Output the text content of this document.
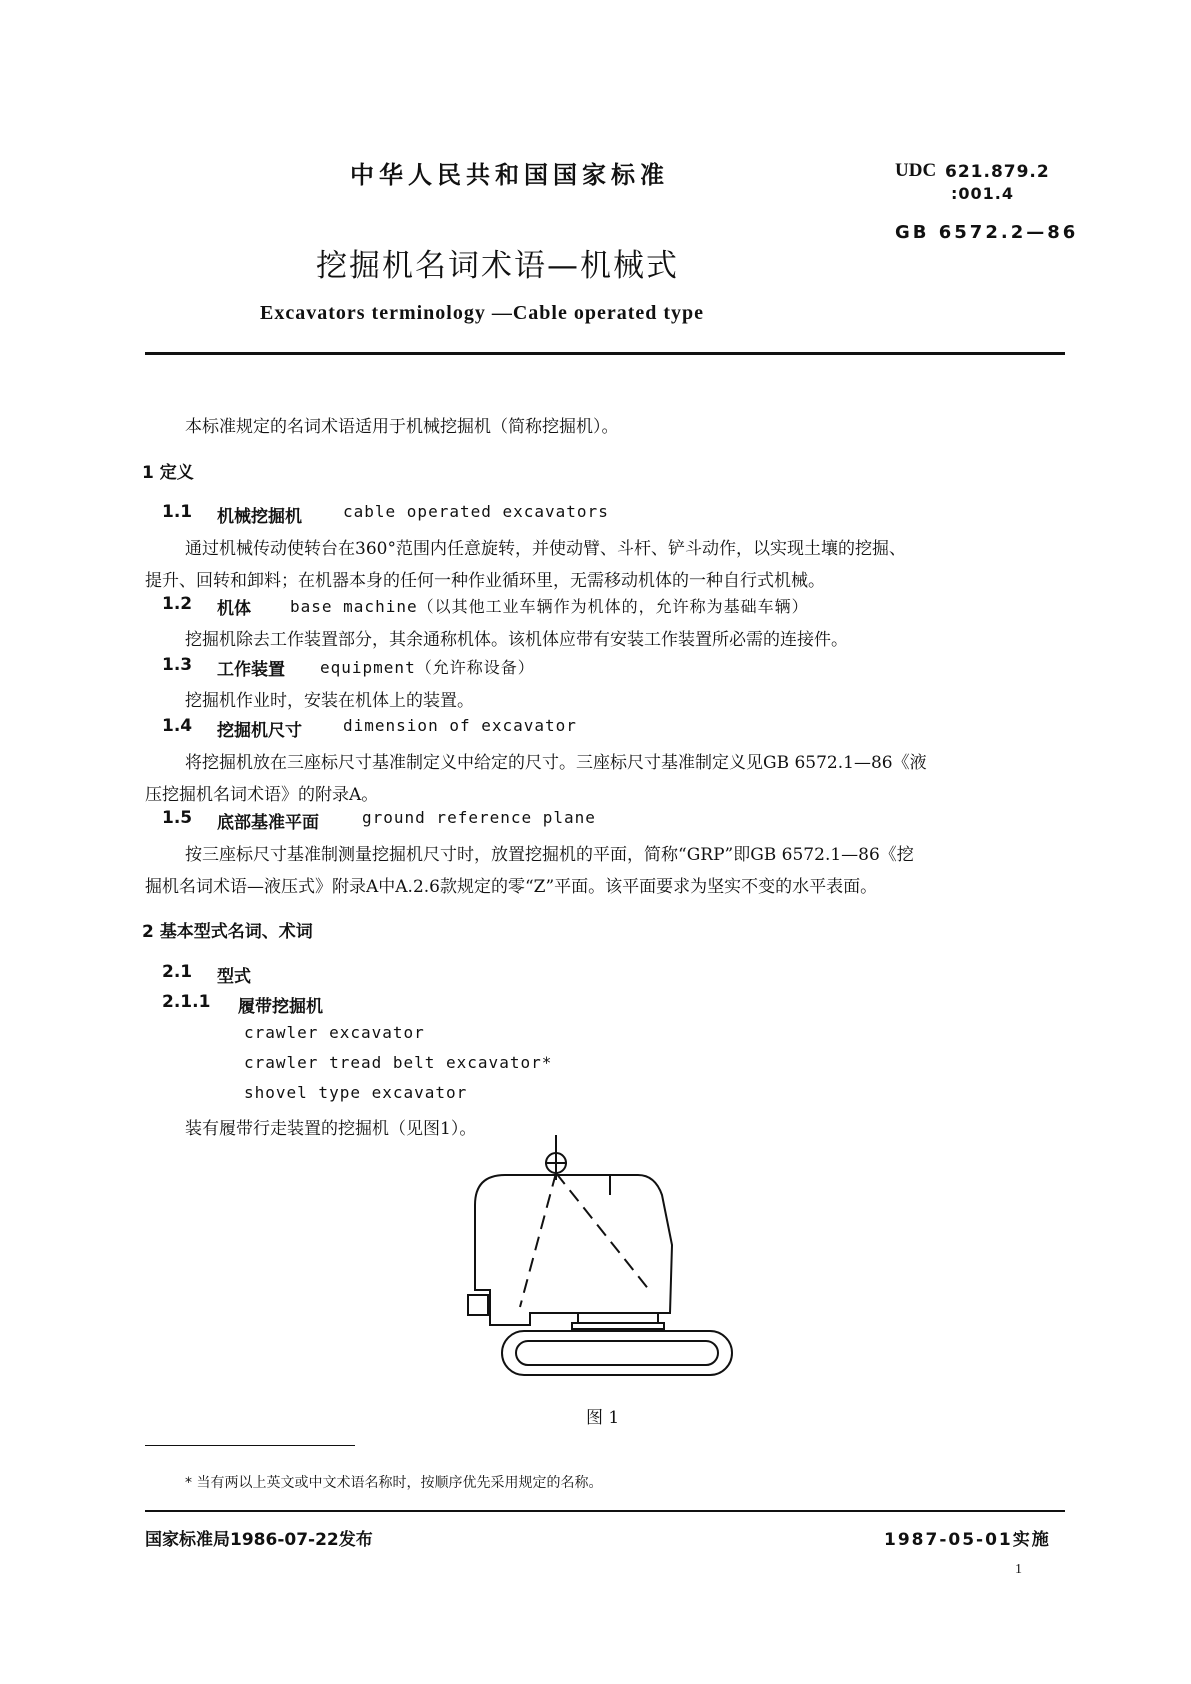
中华人民共和国国家标准	UDC 621.879.2
:001.4
GB 6572.2—86
挖掘机名词术语—机械式
Excavators terminology —Cable operated type
本标准规定的名词术语适用于机械挖掘机（简称挖掘机）。
1 定义
1.1 机械挖掘机	cable operated excavators
通过机械传动使转台在360°范围内任意旋转，并使动臂、斗杆、铲斗动作，以实现土壤的挖掘、
提升、回转和卸料；在机器本身的任何一种作业循环里，无需移动机体的一种自行式机械。
1.2 机体 base machine（以其他工业车辆作为机体的，允许称为基础车辆）
挖掘机除去工作装置部分，其余通称机体。该机体应带有安装工作装置所必需的连接件。
1.3 工作装置 equipment（允许称设备）
挖掘机作业时，安装在机体上的装置。
1.4 挖掘机尺寸	dimension of excavator
将挖掘机放在三座标尺寸基准制定义中给定的尺寸。三座标尺寸基准制定义见GB 6572.1—86《液
压挖掘机名词术语》的附录A。
1.5 底部基准平面	ground reference plane
按三座标尺寸基准制测量挖掘机尺寸时，放置挖掘机的平面，简称“GRP”即GB 6572.1—86《挖
掘机名词术语—液压式》附录A中A.2.6款规定的零“Z”平面。该平面要求为坚实不变的水平表面。
2 基本型式名词、术词
2.1 型式
2.1.1 履带挖掘机
crawler excavator
crawler tread belt excavator*
shovel type excavator
装有履带行走装置的挖掘机（见图1）。
图 1
* 当有两以上英文或中文术语名称时，按顺序优先采用规定的名称。
国家标准局1986-07-22发布	1987-05-01实施
1
